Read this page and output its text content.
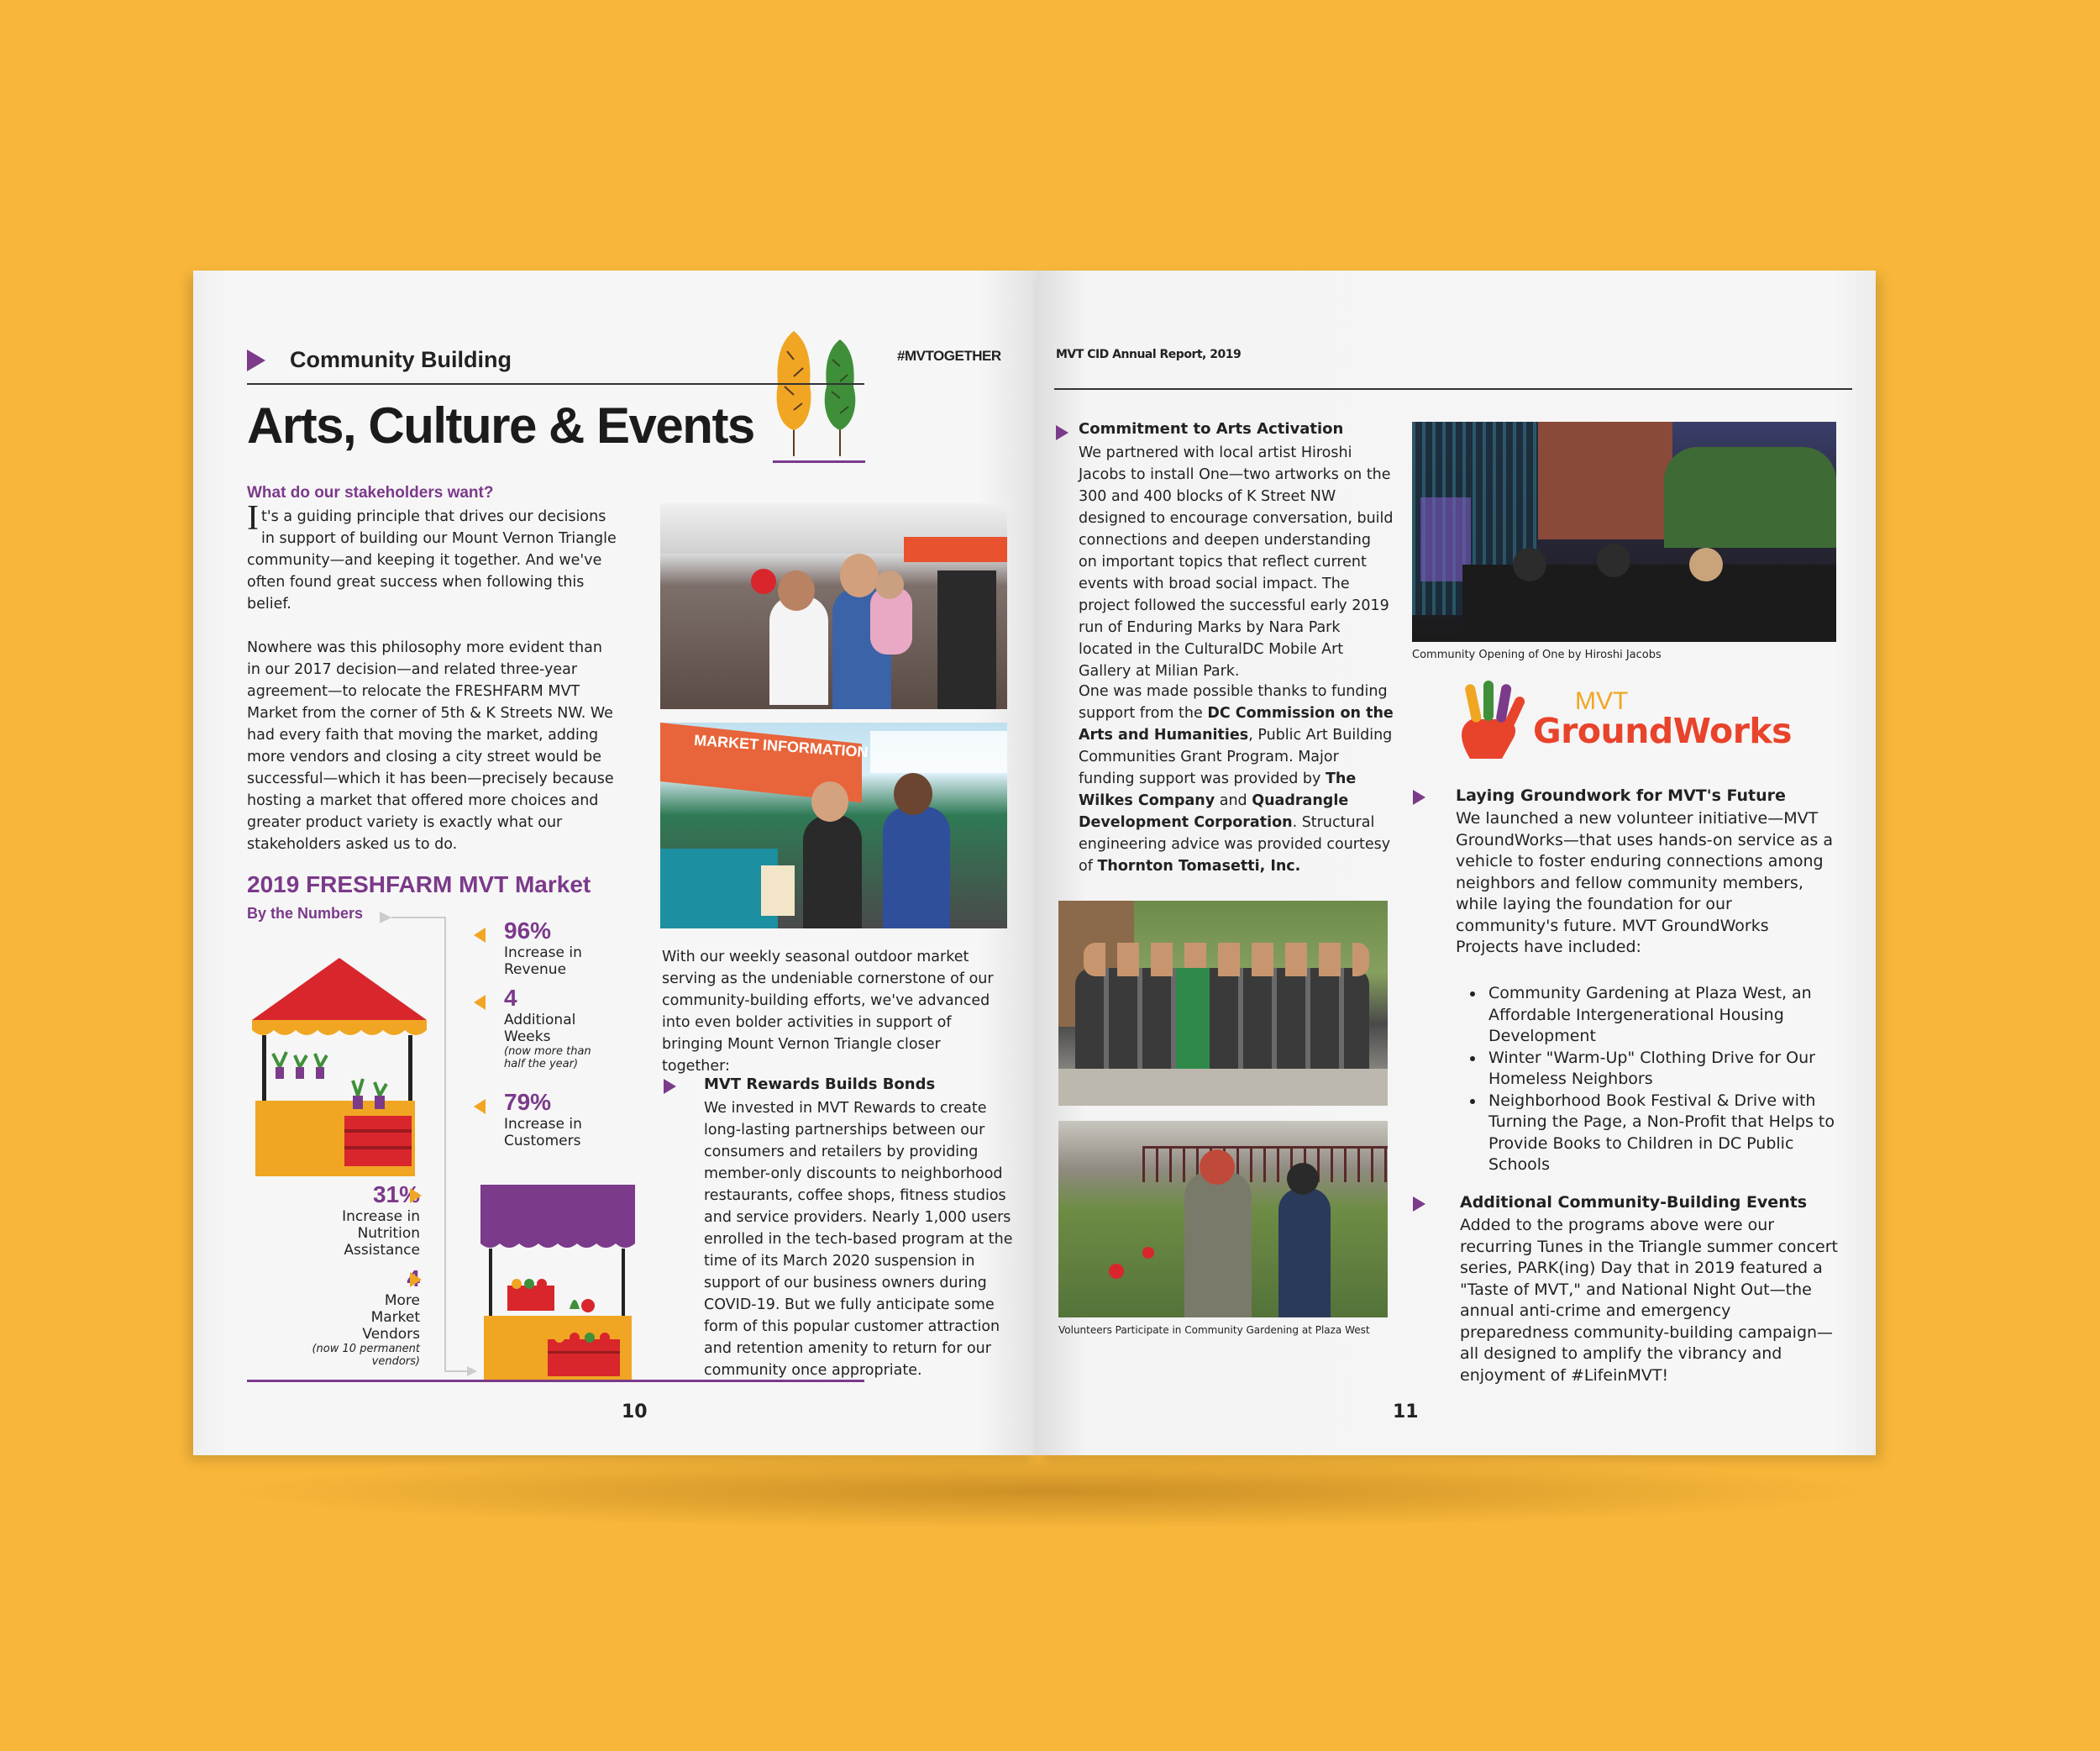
Community Building	#MVTOGETHER
Arts, Culture & Events
What do our stakeholders want?
It's a guiding principle that drives our decisions in support of building our Mount Vernon Triangle community—and keeping it together. And we've often found great success when following this belief.
Nowhere was this philosophy more evident than in our 2017 decision—and related three-year agreement—to relocate the FRESHFARM MVT Market from the corner of 5th & K Streets NW. We had every faith that moving the market, adding more vendors and closing a city street would be successful—which it has been—precisely because hosting a market that offered more choices and greater product variety is exactly what our stakeholders asked us to do.
2019 FRESHFARM MVT Market
By the Numbers
96%
Increase in Revenue
4
Additional Weeks
(now more than half the year)
79%
Increase in Customers
31%
Increase in Nutrition Assistance
4
More Market Vendors
(now 10 permanent vendors)
MARKET INFORMATION
With our weekly seasonal outdoor market serving as the undeniable cornerstone of our community-building efforts, we've advanced into even bolder activities in support of bringing Mount Vernon Triangle closer together:
MVT Rewards Builds Bonds
We invested in MVT Rewards to create long-lasting partnerships between our consumers and retailers by providing member-only discounts to neighborhood restaurants, coffee shops, fitness studios and service providers. Nearly 1,000 users enrolled in the tech-based program at the time of its March 2020 suspension in support of our business owners during COVID-19. But we fully anticipate some form of this popular customer attraction and retention amenity to return for our community once appropriate.
10
MVT CID Annual Report, 2019
Commitment to Arts Activation
We partnered with local artist Hiroshi Jacobs to install One—two artworks on the 300 and 400 blocks of K Street NW designed to encourage conversation, build connections and deepen understanding on important topics that reflect current events with broad social impact. The project followed the successful early 2019 run of Enduring Marks by Nara Park located in the CulturalDC Mobile Art Gallery at Milian Park.
One was made possible thanks to funding support from the DC Commission on the Arts and Humanities, Public Art Building Communities Grant Program. Major funding support was provided by The Wilkes Company and Quadrangle Development Corporation. Structural engineering advice was provided courtesy of Thornton Tomasetti, Inc.
Community Opening of One by Hiroshi Jacobs
MVT
GroundWorks
Laying Groundwork for MVT's Future
We launched a new volunteer initiative—MVT GroundWorks—that uses hands-on service as a vehicle to foster enduring connections among neighbors and fellow community members, while laying the foundation for our community's future. MVT GroundWorks Projects have included:
• Community Gardening at Plaza West, an Affordable Intergenerational Housing Development
• Winter "Warm-Up" Clothing Drive for Our Homeless Neighbors
• Neighborhood Book Festival & Drive with Turning the Page, a Non-Profit that Helps to Provide Books to Children in DC Public Schools
Additional Community-Building Events
Added to the programs above were our recurring Tunes in the Triangle summer concert series, PARK(ing) Day that in 2019 featured a "Taste of MVT," and National Night Out—the annual anti-crime and emergency preparedness community-building campaign—all designed to amplify the vibrancy and enjoyment of #LifeinMVT!
Volunteers Participate in Community Gardening at Plaza West
11
